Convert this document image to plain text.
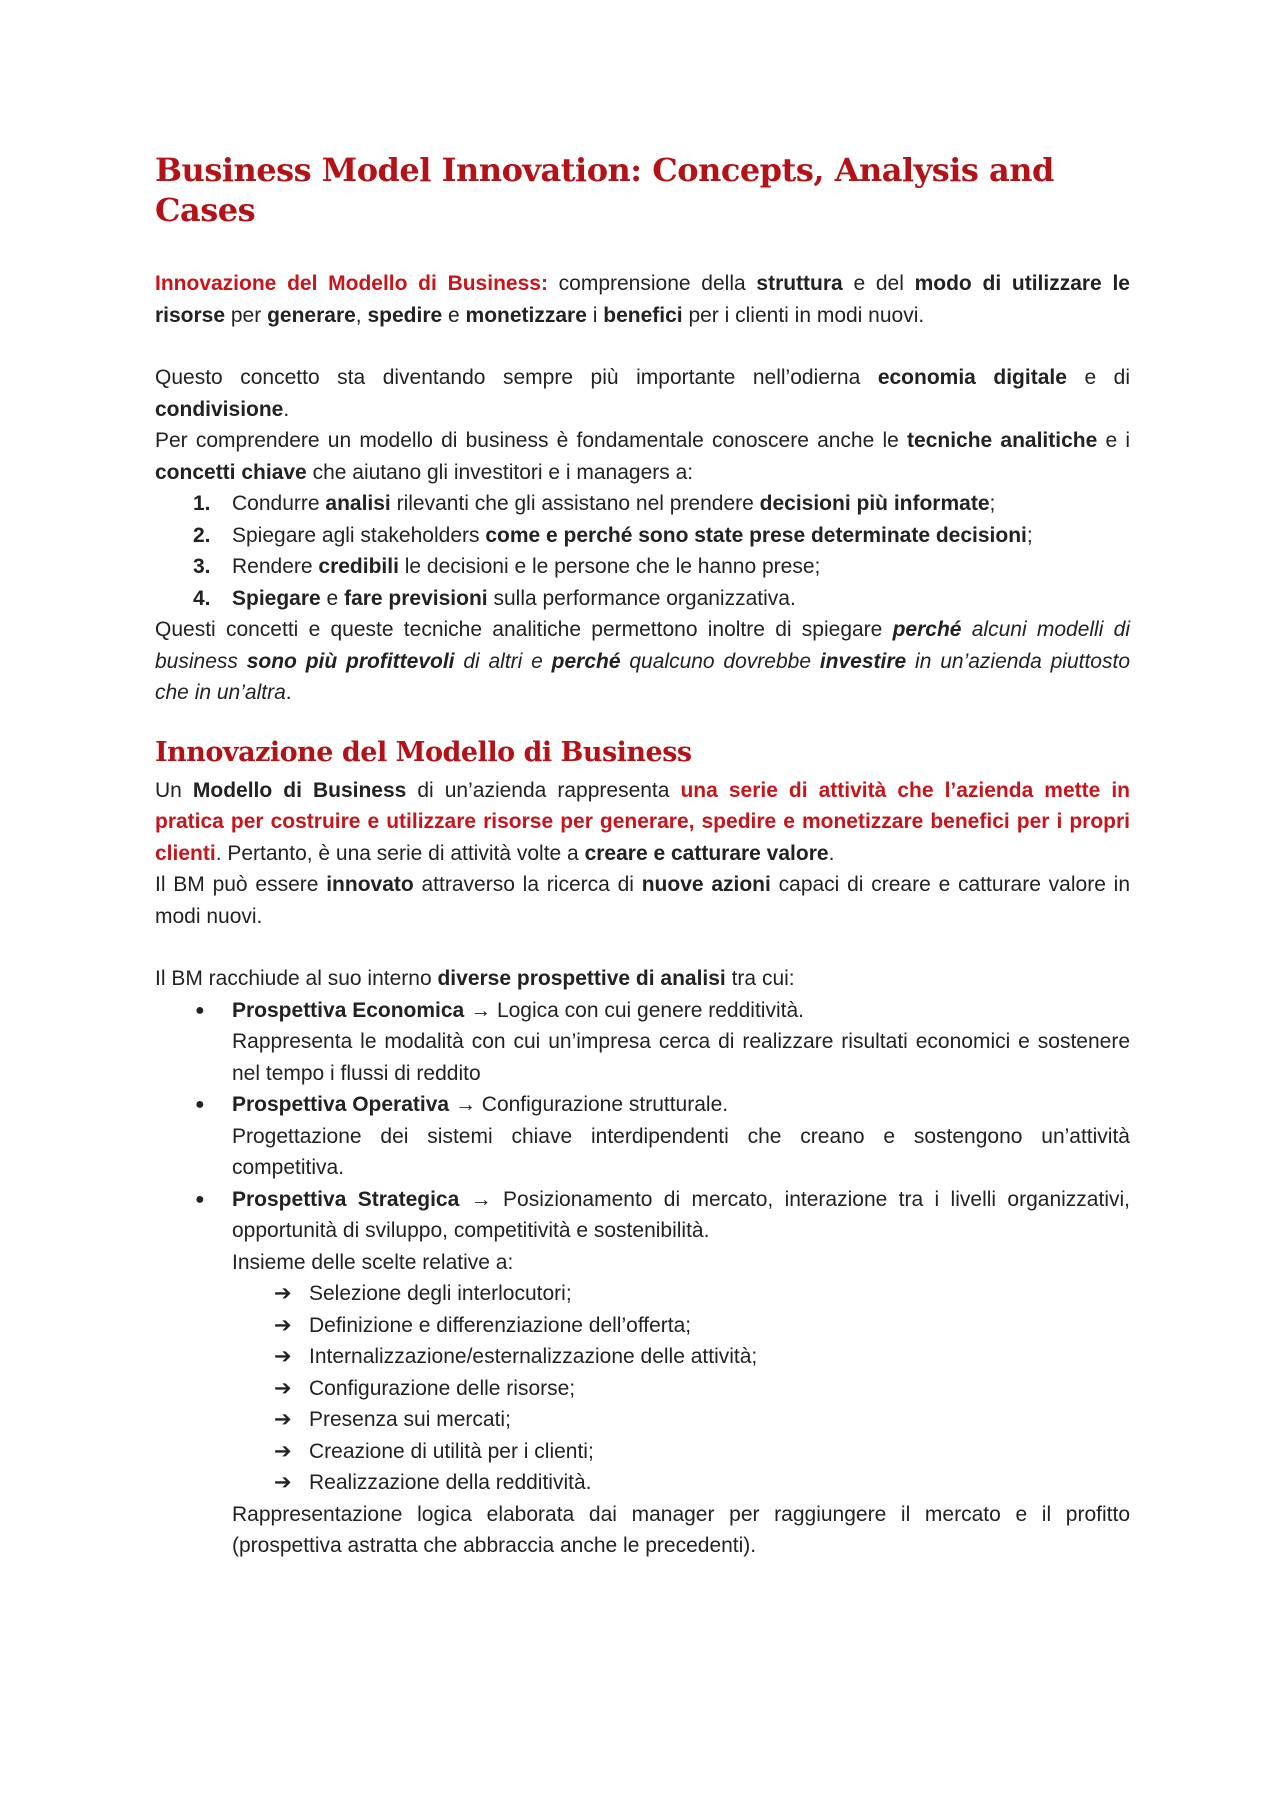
Business Model Innovation: Concepts, Analysis and Cases

Innovazione del Modello di Business: comprensione della struttura e del modo di utilizzare le risorse per generare, spedire e monetizzare i benefici per i clienti in modi nuovi.

Questo concetto sta diventando sempre più importante nell’odierna economia digitale e di condivisione.

Per comprendere un modello di business è fondamentale conoscere anche le tecniche analitiche e i concetti chiave che aiutano gli investitori e i managers a:

1. Condurre analisi rilevanti che gli assistano nel prendere decisioni più informate;
2. Spiegare agli stakeholders come e perché sono state prese determinate decisioni;
3. Rendere credibili le decisioni e le persone che le hanno prese;
4. Spiegare e fare previsioni sulla performance organizzativa.

Questi concetti e queste tecniche analitiche permettono inoltre di spiegare perché alcuni modelli di business sono più profittevoli di altri e perché qualcuno dovrebbe investire in un’azienda piuttosto che in un’altra.

Innovazione del Modello di Business

Un Modello di Business di un’azienda rappresenta una serie di attività che l’azienda mette in pratica per costruire e utilizzare risorse per generare, spedire e monetizzare benefici per i propri clienti. Pertanto, è una serie di attività volte a creare e catturare valore.

Il BM può essere innovato attraverso la ricerca di nuove azioni capaci di creare e catturare valore in modi nuovi.

Il BM racchiude al suo interno diverse prospettive di analisi tra cui:

● Prospettiva Economica → Logica con cui genere redditività.
Rappresenta le modalità con cui un’impresa cerca di realizzare risultati economici e sostenere nel tempo i flussi di reddito
● Prospettiva Operativa → Configurazione strutturale.
Progettazione dei sistemi chiave interdipendenti che creano e sostengono un’attività competitiva.
● Prospettiva Strategica → Posizionamento di mercato, interazione tra i livelli organizzativi, opportunità di sviluppo, competitività e sostenibilità.
Insieme delle scelte relative a:
➔ Selezione degli interlocutori;
➔ Definizione e differenziazione dell’offerta;
➔ Internalizzazione/esternalizzazione delle attività;
➔ Configurazione delle risorse;
➔ Presenza sui mercati;
➔ Creazione di utilità per i clienti;
➔ Realizzazione della redditività.

Rappresentazione logica elaborata dai manager per raggiungere il mercato e il profitto (prospettiva astratta che abbraccia anche le precedenti).
